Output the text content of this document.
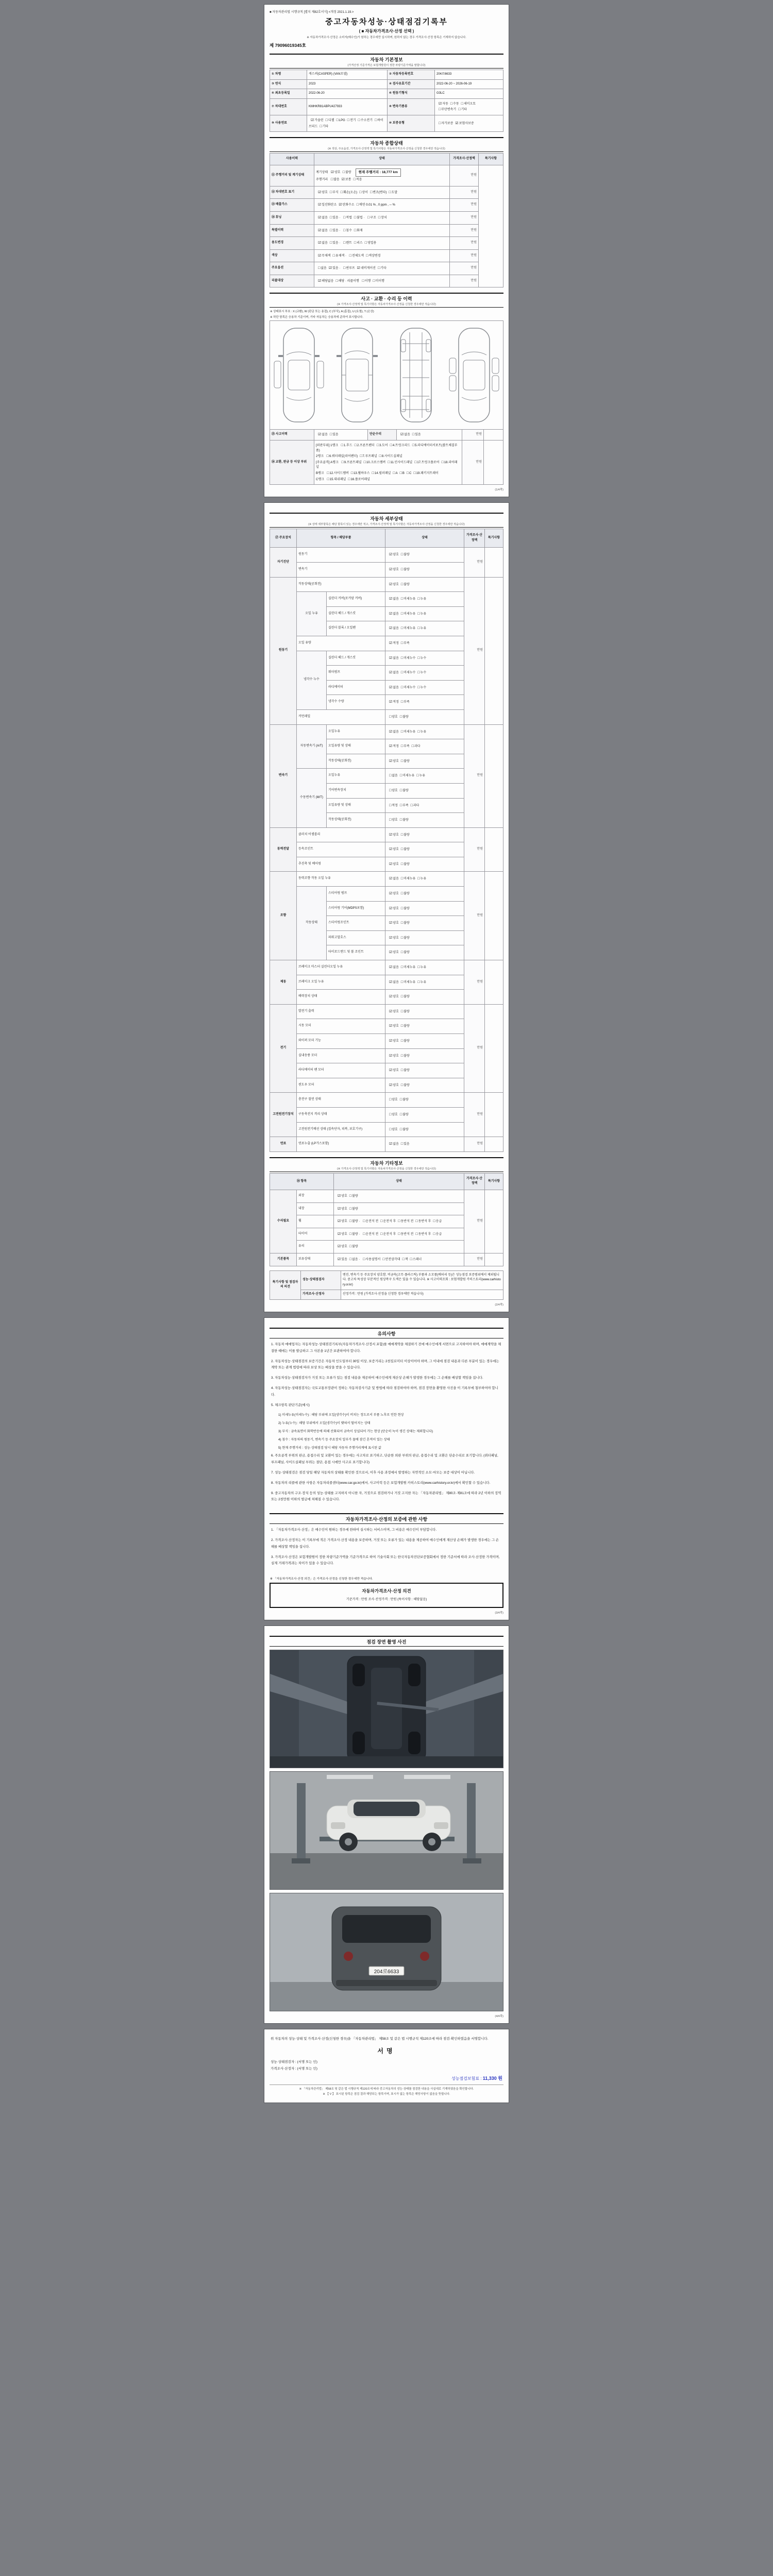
■ 자동차관리법 시행규칙 [별지 제82호서식] <개정 2021.1.19.>
중고자동차성능·상태점검기록부
( ■ 자동차가격조사·산정 선택 )
※ 자동차가격조사·산정은 소비자(매수인)가 원하는 경우에만 실시하며, 원하지 않는 경우 가격조사·산정 항목은 기재하지 않습니다.
제 79096019345호
자동차 기본정보
(가격산정 기준가격은 보험개발원이 정한 차량기준가액을 말합니다)
① 차명	캐스퍼(CASPER) (VAN모델)	② 자동차등록번호	204로6633
③ 연식	2023	④ 검사유효기간	2022-06-20 ~ 2026-06-19
⑤ 최초등록일	2022-06-20	⑥ 원동기형식	G3LC
⑦ 차대번호	KMHKR81ABPU427933	⑧ 변속기종류	☑자동 □수동 □세미오토
□무단변속기 □기타
⑨ 사용연료	☑가솔린 □디젤 □LPG □전기 □수소전기 □하이브리드 □기타	⑩ 보증유형	□자가보증 ☑보험사보증
자동차 종합상태
(※ 색상, 주요옵션, 가격조사·산정액 및 특기사항은 자동차가격조사·산정을 신청한 경우에만 적습니다)
사용이력	상태	가격조사·산정액	특기사항
⑪ 주행거리 및 계기상태	계기상태 ☑양호 □불량 현재 주행거리 : 18,777 km
주행거리 □많음 ☑보통 □적음	만원	
⑫ 차대번호 표기	☑양호 □부식 □훼손(오손) □상이 □변조(변타) □도말	만원	
⑬ 배출가스	☑일산화탄소 ☑탄화수소 □매연 0.01 % , 0 ppm , ─ %	만원	
⑭ 튜닝	☑없음 □있음 · □적법 □불법 · □구조 □장치	만원	
특별이력	☑없음 □있음 · □침수 □화재	만원	
용도변경	☑없음 □있음 · □렌트 □리스 □영업용	만원	
색상	☑무채색 □유채색 · □전체도색 □색상변경	만원	
주요옵션	□없음 ☑있음 · □썬루프 ☑네비게이션 □기타	만원	
리콜대상	☑해당없음 □해당 · 리콜이행 □이행 □미이행	만원	
사고 · 교환 · 수리 등 이력
(※ 가격조사·산정액 및 특기사항은 자동차가격조사·산정을 신청한 경우에만 적습니다)
※ 상태표시 부호 : X (교환), W (판금 또는 용접), C (부식), A (흠집), U (요철), T (손상)
※ 하단 항목은 승용차 기준이며, 기타 자동차는 승용차에 준하여 표시합니다.
⑮ 사고이력	☑없음 □있음	단순수리	☑없음 □있음	만원	
⑯ 교환, 판금 등 이상 부위	[외판부위] 1랭크 □1.후드 □2.프론트펜더 □3.도어 □4.트렁크리드 □5.라디에이터서포트(볼트체결부품)
2랭크 □6.쿼터패널(리어펜더) □7.루프패널 □8.사이드실패널
[주요골격] A랭크 □9.프론트패널 □10.크로스멤버 □11.인사이드패널 □17.트렁크플로어 □18.리어패널
B랭크 □12.사이드멤버 □13.휠하우스 □14.필러패널 □A □B □C □19.패키지트레이
C랭크 □15.대쉬패널 □16.플로어패널			만원	
(1/4쪽)
자동차 세부상태
(※ 상태 세부항목은 해당 항목이 있는 경우에만 적고, 가격조사·산정액 및 특기사항은 자동차가격조사·산정을 신청한 경우에만 적습니다)
⑰ 주요장치	항목 / 해당부품		상태	가격조사·산정액	특기사항
자기진단	원동기		☑양호 □불량	만원	
	변속기		☑양호 □불량		
원동기	작동상태(공회전)		☑양호 □불량	만원	
	오일 누유	실린더 커버(로커암 커버)	☑없음 □미세누유 □누유		
		실린더 헤드 / 개스킷	☑없음 □미세누유 □누유		
		실린더 블록 / 오일팬	☑없음 □미세누유 □누유		
	오일 유량		☑적정 □부족		
	냉각수 누수	실린더 헤드 / 개스킷	☑없음 □미세누수 □누수		
		워터펌프	☑없음 □미세누수 □누수		
		라디에이터	☑없음 □미세누수 □누수		
		냉각수 수량	☑적정 □부족		
	커먼레일		□양호 □불량		
변속기	자동변속기 (A/T)	오일누유	☑없음 □미세누유 □누유	만원	
		오일유량 및 상태	☑적정 □부족 □과다		
		작동상태(공회전)	☑양호 □불량		
	수동변속기 (M/T)	오일누유	□없음 □미세누유 □누유		
		기어변속장치	□양호 □불량		
		오일유량 및 상태	□적정 □부족 □과다		
		작동상태(공회전)	□양호 □불량		
동력전달	클러치 어셈블리		☑양호 □불량	만원	
	등속조인트		☑양호 □불량		
	추진축 및 베어링		☑양호 □불량		
조향	동력조향 작동 오일 누유		☑없음 □미세누유 □누유	만원	
	작동상태	스티어링 펌프	☑양호 □불량		
		스티어링 기어(MDPS포함)	☑양호 □불량		
		스티어링조인트	☑양호 □불량		
		파워고압호스	☑양호 □불량		
		타이로드엔드 및 볼 조인트	☑양호 □불량		
제동	브레이크 마스터 실린더오일 누유		☑없음 □미세누유 □누유	만원	
	브레이크 오일 누유		☑없음 □미세누유 □누유		
	배력장치 상태		☑양호 □불량		
전기	발전기 출력		☑양호 □불량	만원	
	시동 모터		☑양호 □불량		
	와이퍼 모터 기능		☑양호 □불량		
	실내송풍 모터		☑양호 □불량		
	라디에이터 팬 모터		☑양호 □불량		
	윈도우 모터		☑양호 □불량		
고전원전기장치	충전구 절연 상태		□양호 □불량	만원	
	구동축전지 격리 상태		□양호 □불량		
	고전원전기배선 상태 (접속단자, 피복, 보호기구)		□양호 □불량		
연료	연료누출 (LP가스포함)		☑없음 □있음	만원	
자동차 기타정보
(※ 가격조사·산정액 및 특기사항은 자동차가격조사·산정을 신청한 경우에만 적습니다)
⑱ 항목		상태	가격조사·산정액	특기사항
수리필요	외장	☑양호 □불량	만원	
	내장	☑양호 □불량		
	휠	☑양호 □불량 · □운전석 전 □운전석 후 □동반석 전 □동반석 후 □응급		
	타이어	☑양호 □불량 · □운전석 전 □운전석 후 □동반석 전 □동반석 후 □응급		
	유리	☑양호 □불량		
기본품목	보유상태	☑있음 □없음 · □사용설명서 □안전삼각대 □잭 □스패너	만원	
특기사항 및 점검자의 의견	성능·상태점검자	엔진, 변속기 등 주요장치 양호함. 비금속(고무·플라스틱) 부품과 소모품(배터리 등)은 성능점검 보증범위에서 제외됩니다. 중고차 특성상 부분적인 원상복구 도색은 있을 수 있습니다. ※ 사고이력조회 : 보험개발원 카히스토리(www.carhistory.or.kr)
	가격조사·산정자	산정가격 : 만원 (가격조사·산정을 신청한 경우에만 적습니다)
(2/4쪽)
유의사항
1. 자동차 매매업자는 자동차성능·상태점검기록부(자동차가격조사·산정서 포함)를 매매계약을 체결하기 전에 매수인에게 서면으로 고지하여야 하며, 매매계약을 체결한 때에는 이를 발급하고 그 사본을 1년간 보관하여야 합니다.
2. 자동차성능·상태점검의 보증기간은 자동차 인도일부터 30일 이상, 보증거리는 2천킬로미터 이상이어야 하며, 그 이내에 점검 내용과 다른 부분이 있는 경우에는 계약 또는 관계 법령에 따라 보상 또는 배상을 받을 수 있습니다.
3. 자동차성능·상태점검자가 거짓 또는 오류가 있는 점검 내용을 제공하여 매수인에게 재산상 손해가 발생한 경우에는 그 손해를 배상할 책임을 집니다.
4. 자동차성능·상태점검자는 국토교통부장관이 정하는 자동차검사기준 및 방법에 따라 점검하여야 하며, 점검 장면을 촬영한 사진을 이 기록부에 첨부하여야 합니다.
5. 체크항목 판단기준(예시)
1) 미세누유(미세누수) : 해당 부위에 오일(냉각수)이 비치는 정도로서 부품 노후로 인한 현상
2) 누유(누수) : 해당 부위에서 오일(냉각수)이 맺혀서 떨어지는 상태
3) 부식 : 금속표면이 화학반응에 의해 산화되어 금속이 상실되어 가는 현상 (단순히 녹이 생긴 상태는 제외합니다)
4) 침수 : 자동차의 원동기, 변속기 등 주요장치 일부가 물에 잠긴 흔적이 있는 상태
5) 현재 주행거리 : 성능·상태점검 당시 해당 자동차 주행거리계에 표시된 값
6. 주요골격 부위의 판금, 용접수리 및 교환이 있는 경우에는 사고차로 표기하고, 단순한 외판 부위의 판금, 용접수리 및 교환은 단순수리로 표기합니다. (쿼터패널, 루프패널, 사이드실패널 부위는 절단, 용접 시에만 사고로 표기합니다)
7. 성능·상태점검은 점검 당일 해당 자동차의 상태를 확인한 것으로서, 이후 사용 과정에서 발생하는 자연적인 소모·마모는 보증 대상이 아닙니다.
8. 자동차의 리콜에 관한 사항은 자동차리콜센터(www.car.go.kr)에서, 사고이력 등은 보험개발원 카히스토리(www.carhistory.or.kr)에서 확인할 수 있습니다.
9. 중고자동차의 구조·장치 등의 성능·상태를 고지하지 아니한 자, 거짓으로 점검하거나 거짓 고지한 자는 「자동차관리법」 제80조·제81조에 따라 2년 이하의 징역 또는 2천만원 이하의 벌금에 처해질 수 있습니다.
자동차가격조사·산정의 보증에 관한 사항
1. 「자동차가격조사·산정」은 매수인이 원하는 경우에 한하여 실시하는 서비스이며, 그 비용은 매수인이 부담합니다.
2. 가격조사·산정자는 이 기록부에 적은 가격조사·산정 내용을 보증하며, 거짓 또는 오류가 있는 내용을 제공하여 매수인에게 재산상 손해가 발생한 경우에는 그 손해를 배상할 책임을 집니다.
3. 가격조사·산정은 보험개발원이 정한 차량기준가액을 기준가격으로 하여 기술사회 또는 한국자동차진단보증협회에서 정한 기준서에 따라 조사·산정한 가격이며, 실제 거래가격과는 차이가 있을 수 있습니다.
※ 「자동차가격조사·산정 의견」은 가격조사·산정을 신청한 경우에만 적습니다.
자동차가격조사·산정 의견
기준가격 : 만원 조사·산정가격 : 만원 (특이사항 : 해당없음)
(3/4쪽)
점검 장면 촬영 사진
204로6633
(4/4쪽)
위 자동차의 성능·상태 및 가격조사·산정(신청한 경우)을 「자동차관리법」 제58조 및 같은 법 시행규칙 제120조에 따라 점검·확인하였음을 서명합니다.
서명
성능·상태점검자 : (서명 또는 인)
가격조사·산정자 : (서명 또는 인)
성능점검보험료 : 11,330 원
※ 「자동차관리법」 제58조 및 같은 법 시행규칙 제120조에 따라 중고자동차의 성능·상태를 점검한 내용을 사실대로 기재하였음을 확인합니다.
※ 【 V 】 표시된 항목은 점검 결과 해당되는 항목이며, 표시가 없는 항목은 해당사항이 없음을 뜻합니다.
